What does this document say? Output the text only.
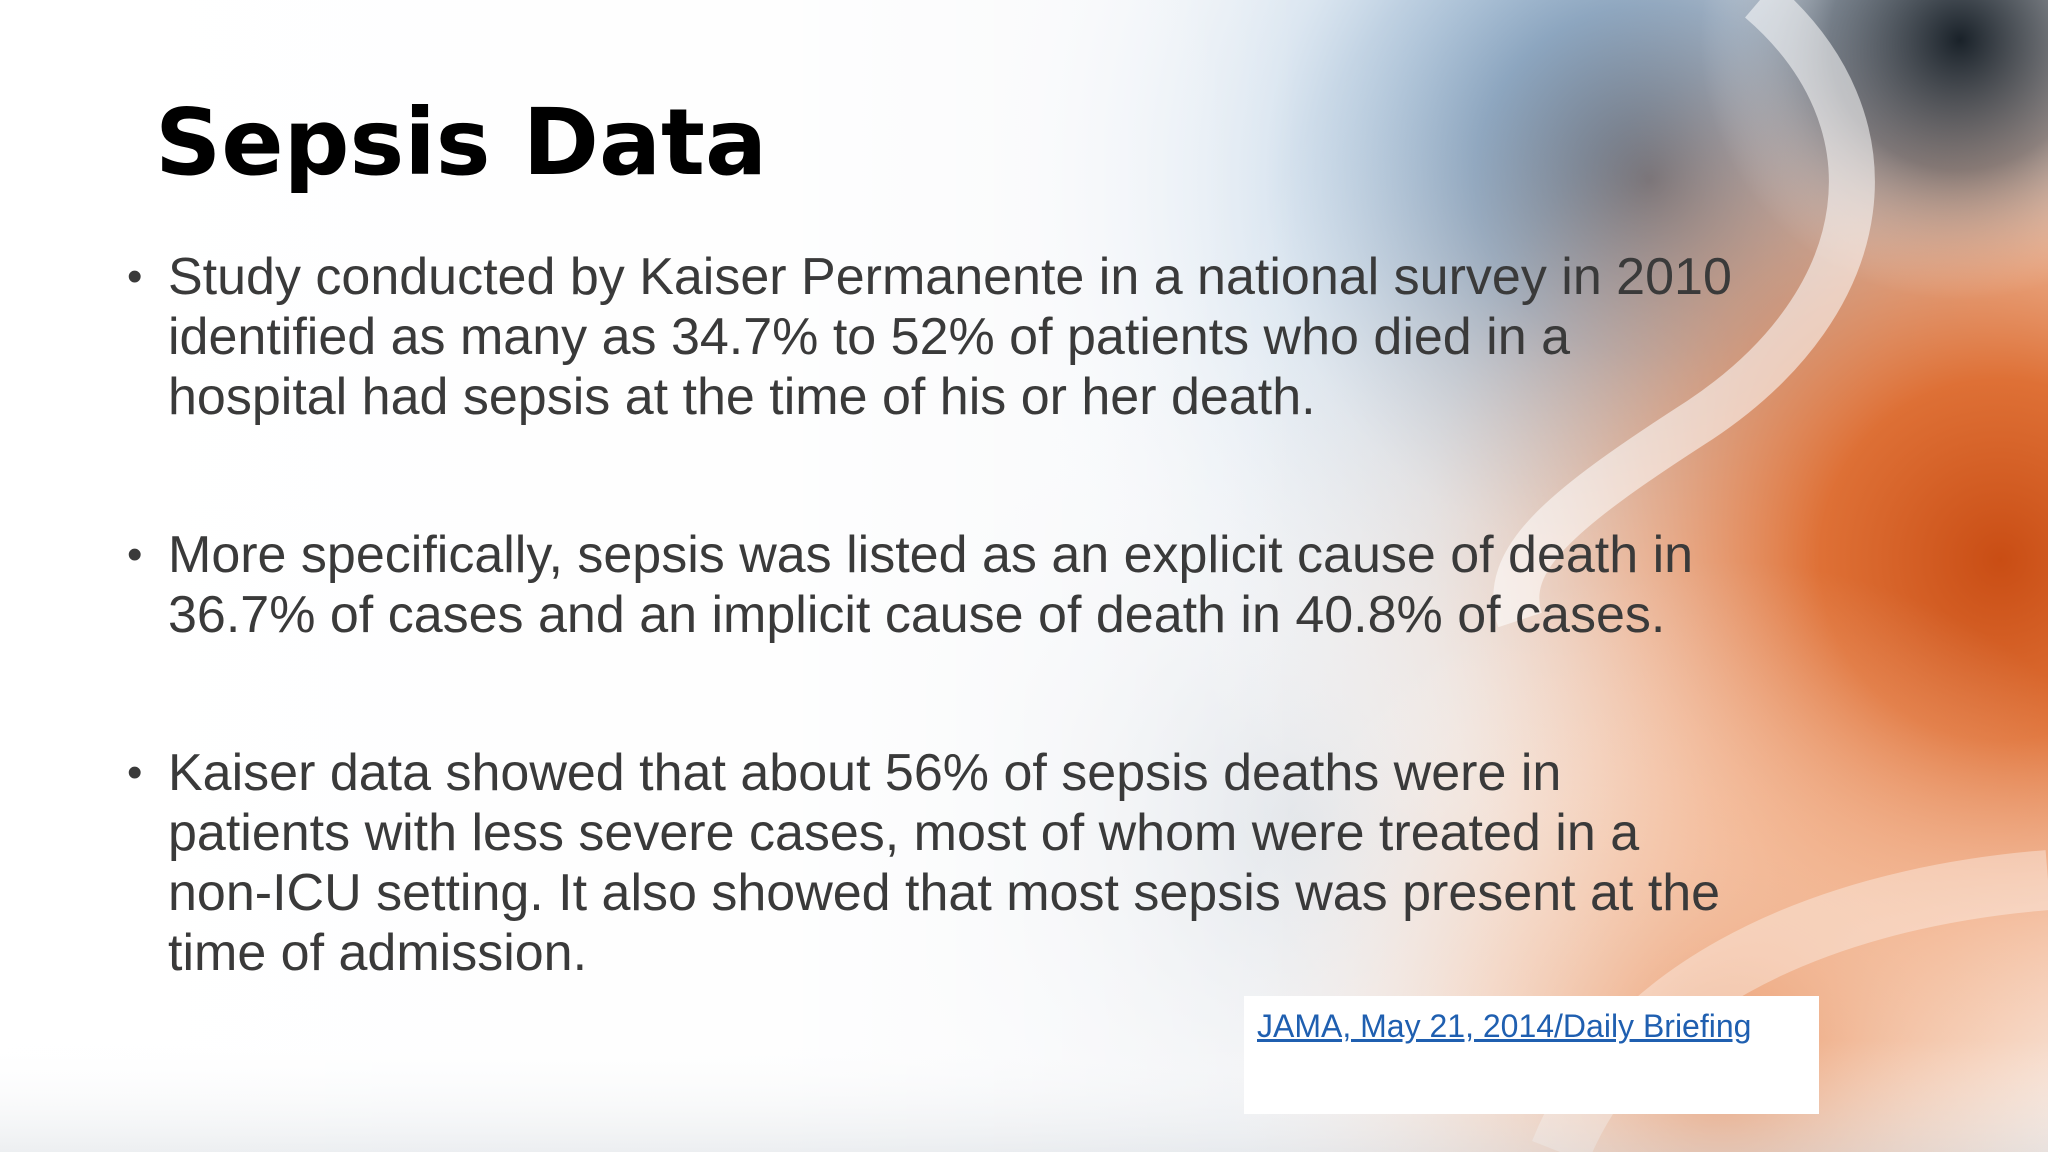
Sepsis Data
• Study conducted by Kaiser Permanente in a national survey in 2010
identified as many as 34.7% to 52% of patients who died in a
hospital had sepsis at the time of his or her death.
• More specifically, sepsis was listed as an explicit cause of death in
36.7% of cases and an implicit cause of death in 40.8% of cases.
• Kaiser data showed that about 56% of sepsis deaths were in
patients with less severe cases, most of whom were treated in a
non-ICU setting. It also showed that most sepsis was present at the
time of admission.
JAMA, May 21, 2014/Daily Briefing
